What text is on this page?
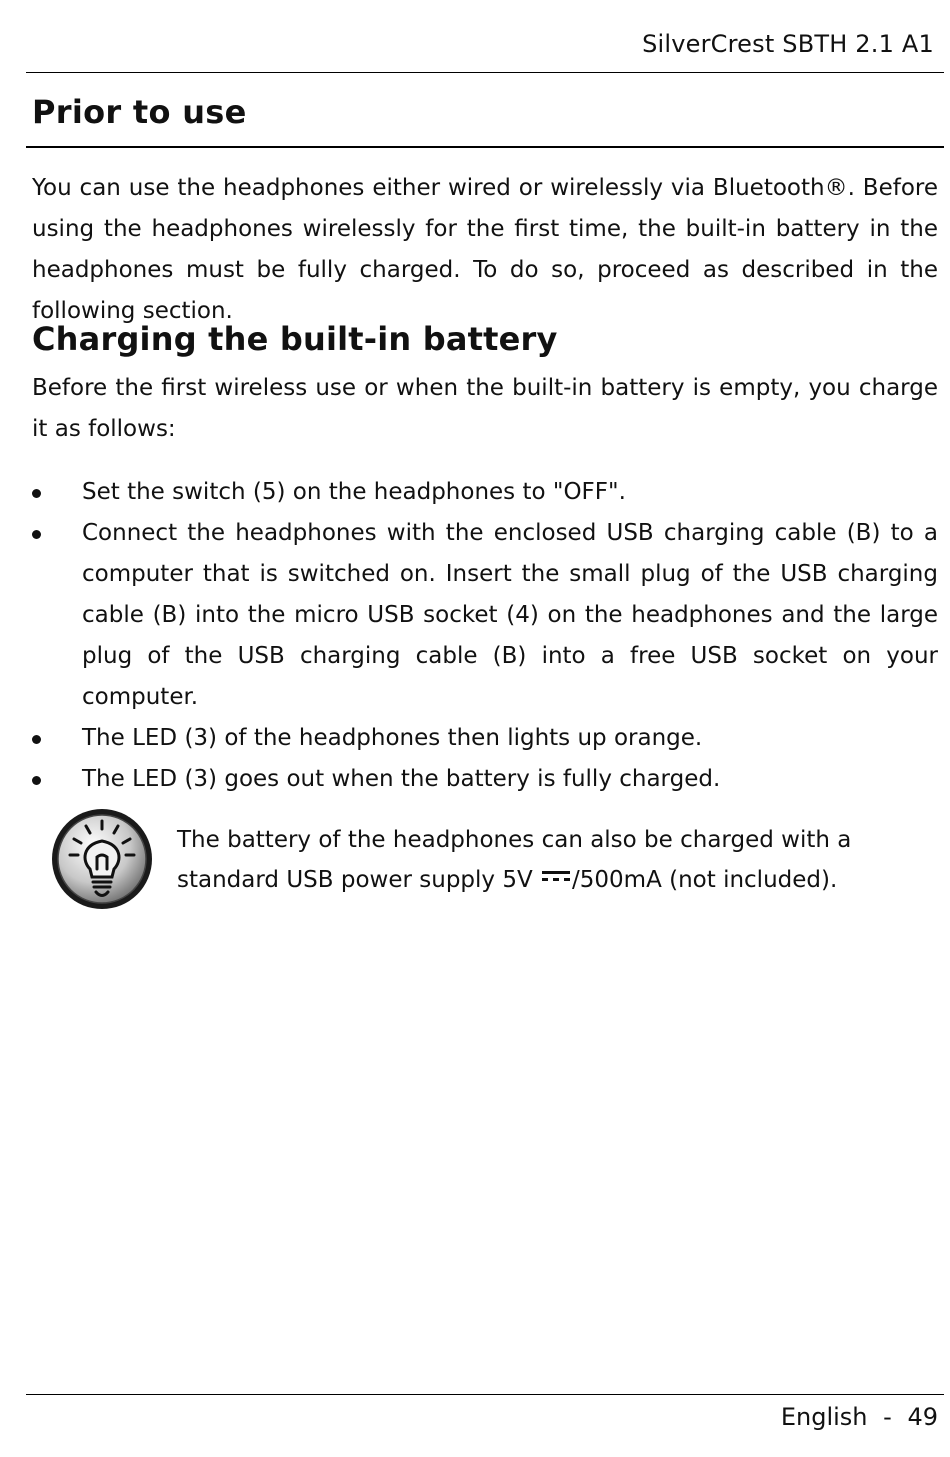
SilverCrest SBTH 2.1 A1
Prior to use

You can use the headphones either wired or wirelessly via Bluetooth®. Before using the headphones wirelessly for the first time, the built-in battery in the headphones must be fully charged. To do so, proceed as described in the following section.

Charging the built-in battery

Before the first wireless use or when the built-in battery is empty, you charge it as follows:

Set the switch (5) on the headphones to "OFF".
Connect the headphones with the enclosed USB charging cable (B) to a computer that is switched on. Insert the small plug of the USB charging cable (B) into the micro USB socket (4) on the headphones and the large plug of the USB charging cable (B) into a free USB socket on your computer.
The LED (3) of the headphones then lights up orange.
The LED (3) goes out when the battery is fully charged.

The battery of the headphones can also be charged with a standard USB power supply 5V /500mA (not included).

English - 49
